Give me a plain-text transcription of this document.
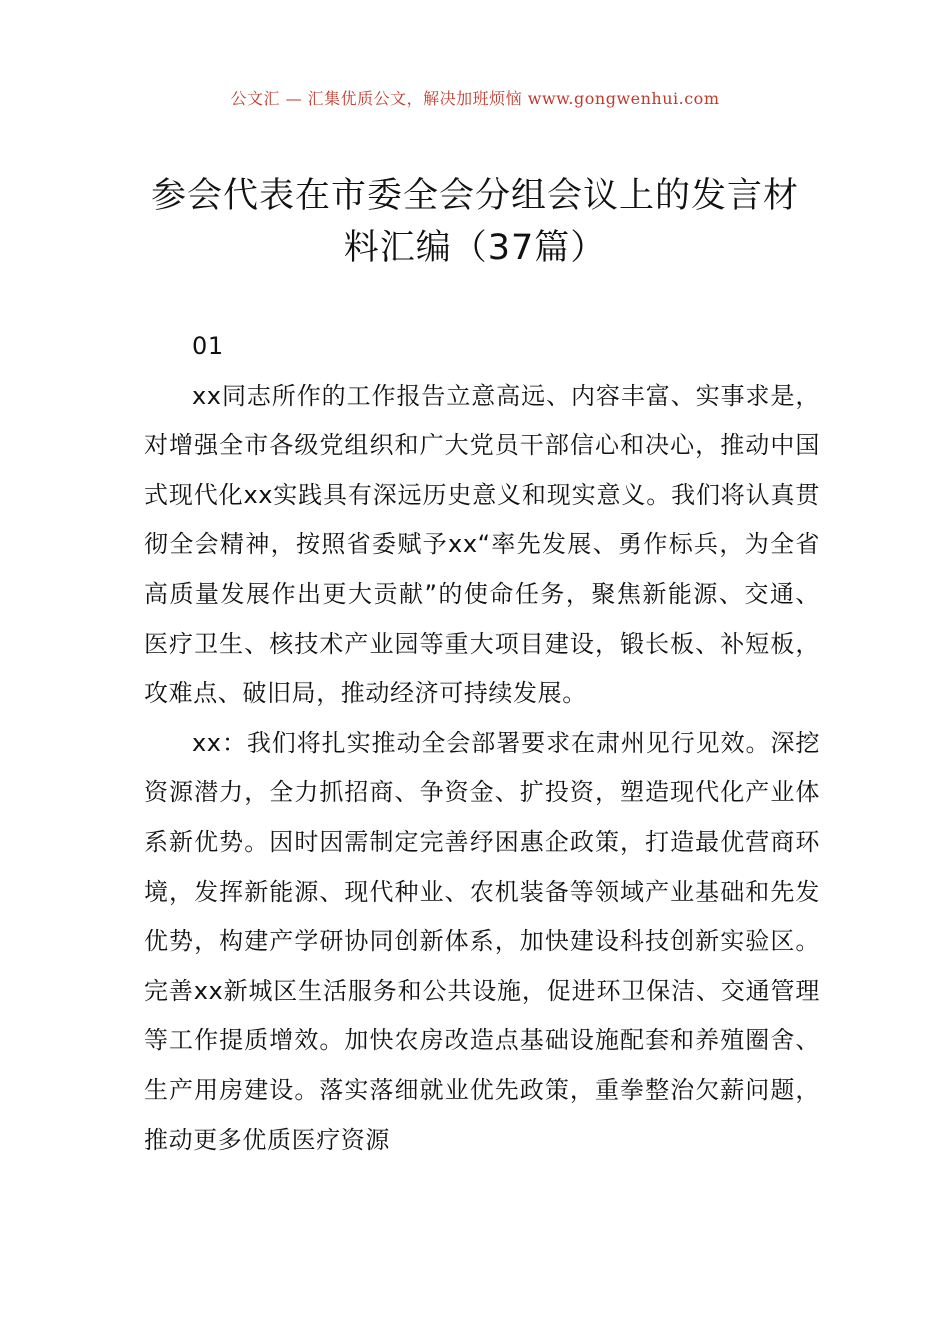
公文汇 — 汇集优质公文，解决加班烦恼 www.gongwenhui.com
参会代表在市委全会分组会议上的发言材料汇编（37篇）

01

xx同志所作的工作报告立意高远、内容丰富、实事求是，对增强全市各级党组织和广大党员干部信心和决心，推动中国式现代化xx实践具有深远历史意义和现实意义。我们将认真贯彻全会精神，按照省委赋予xx“率先发展、勇作标兵，为全省高质量发展作出更大贡献”的使命任务，聚焦新能源、交通、医疗卫生、核技术产业园等重大项目建设，锻长板、补短板，攻难点、破旧局，推动经济可持续发展。

xx：我们将扎实推动全会部署要求在肃州见行见效。深挖资源潜力，全力抓招商、争资金、扩投资，塑造现代化产业体系新优势。因时因需制定完善纾困惠企政策，打造最优营商环境，发挥新能源、现代种业、农机装备等领域产业基础和先发优势，构建产学研协同创新体系，加快建设科技创新实验区。完善xx新城区生活服务和公共设施，促进环卫保洁、交通管理等工作提质增效。加快农房改造点基础设施配套和养殖圈舍、生产用房建设。落实落细就业优先政策，重拳整治欠薪问题，推动更多优质医疗资源
